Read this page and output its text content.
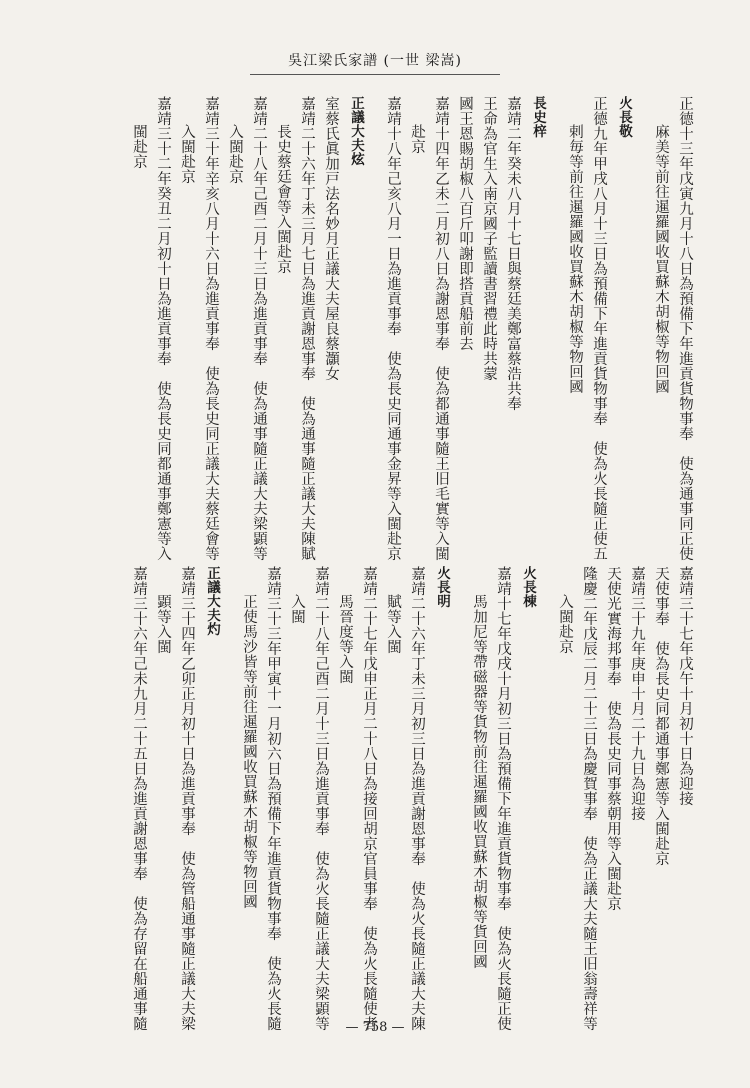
吳江梁氏家譜 (一世 梁嵩)
正德十三年戊寅九月十八日為預備下年進貢貨物事奉　使為通事同正使
麻美等前往暹羅國收買蘇木胡椒等物回國
火長敬
正德九年甲戌八月十三日為預備下年進貢貨物事奉　使為火長隨正使五
剌毎等前往暹羅國收買蘇木胡椒等物回國
長史梓
嘉靖二年癸未八月十七日與蔡廷美鄭富蔡浩共奉
王命為官生入南京國子監讀書習禮此時共蒙
國王恩賜胡椒八百斤叩謝即搭貢船前去
嘉靖十四年乙未二月初八日為謝恩事奉　使為都通事隨王旧毛實等入閩
赴京
嘉靖十八年己亥八月一日為進貢事奉　使為長史同通事金昇等入閩赴京
正議大夫炫
室蔡氏眞加戸法名妙月正議大夫屋良蔡灝女
嘉靖二十六年丁未三月七日為進貢謝恩事奉　使為通事隨正議大夫陳賦
長史蔡廷會等入閩赴京
嘉靖二十八年己酉二月十三日為進貢事奉　使為通事隨正議大夫梁顕等
入閩赴京
嘉靖三十年辛亥八月十六日為進貢事奉　使為長史同正議大夫蔡廷會等
入閩赴京
嘉靖三十二年癸丑二月初十日為進貢事奉　使為長史同都通事鄭憲等入
閩赴京
嘉靖三十七年戊午十月初十日為迎接
天使事奉　使為長史同都通事鄭憲等入閩赴京
嘉靖三十九年庚申十月二十九日為迎接
天使光實海邦事奉　使為長史同事蔡朝用等入閩赴京
隆慶二年戊辰二月二十三日為慶賀事奉　使為正議大夫隨王旧翁壽祥等
入閩赴京
火長棟
嘉靖十七年戊戌十月初三日為預備下年進貢貨物事奉　使為火長隨正使
馬加尼等帶磁器等貨物前往暹羅國收買蘇木胡椒等貨回國
火長明
嘉靖二十六年丁未三月初三日為進貢謝恩事奉　使為火長隨正議大夫陳
賦等入閩
嘉靖二十七年戊申正月二十八日為接回胡京官員事奉　使為火長隨使者
馬晉度等入閩
嘉靖二十八年己酉二月十三日為進貢事奉　使為火長隨正議大夫梁顕等
入閩
嘉靖三十三年甲寅十一月初六日為預備下年進貢貨物事奉　使為火長隨
正使馬沙皆等前往暹羅國收買蘇木胡椒等物回國
正議大夫灼
嘉靖三十四年乙卯正月初十日為進貢事奉　使為管船通事隨正議大夫梁
顕等入閩
嘉靖三十六年己未九月二十五日為進貢謝恩事奉　使為存留在船通事隨	— 758 —
